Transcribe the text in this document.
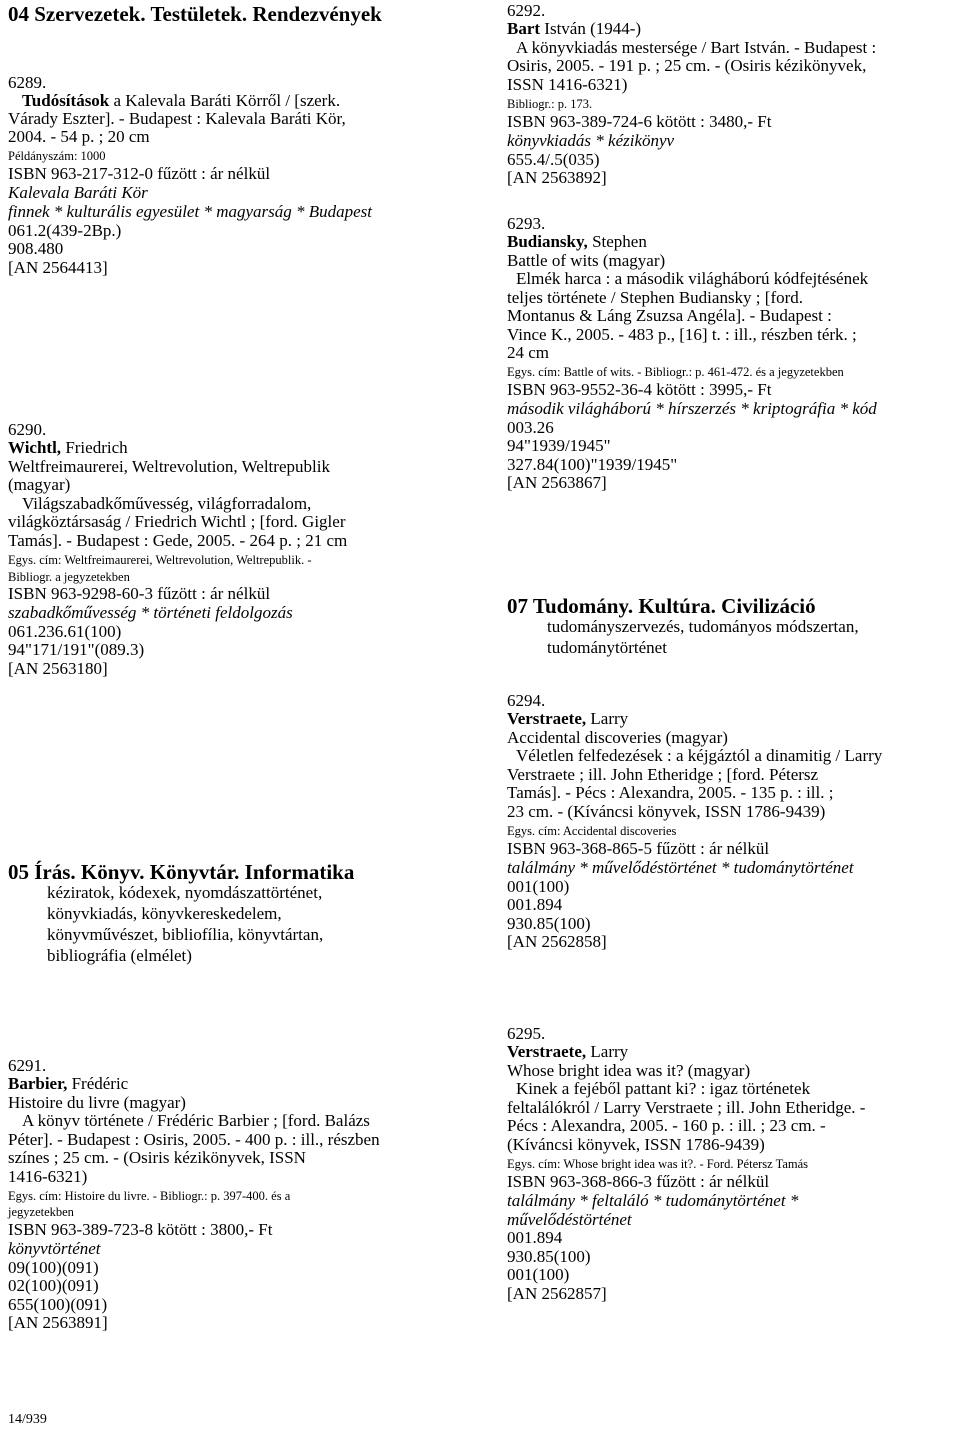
04 Szervezetek. Testületek. Rendezvények
6289.
Tudósítások a Kalevala Baráti Körről / [szerk.
Várady Eszter]. - Budapest : Kalevala Baráti Kör,
2004. - 54 p. ; 20 cm
Példányszám: 1000
ISBN 963-217-312-0 fűzött : ár nélkül
Kalevala Baráti Kör
finnek * kulturális egyesület * magyarság * Budapest
061.2(439-2Bp.)
908.480
[AN 2564413]
6290.
Wichtl, Friedrich
Weltfreimaurerei, Weltrevolution, Weltrepublik
(magyar)
Világszabadkőművesség, világforradalom,
világköztársaság / Friedrich Wichtl ; [ford. Gigler
Tamás]. - Budapest : Gede, 2005. - 264 p. ; 21 cm
Egys. cím: Weltfreimaurerei, Weltrevolution, Weltrepublik. -
Bibliogr. a jegyzetekben
ISBN 963-9298-60-3 fűzött : ár nélkül
szabadkőművesség * történeti feldolgozás
061.236.61(100)
94"171/191"(089.3)
[AN 2563180]
05 Írás. Könyv. Könyvtár. Informatika
kéziratok, kódexek, nyomdászattörténet,
könyvkiadás, könyvkereskedelem,
könyvművészet, bibliofília, könyvtártan,
bibliográfia (elmélet)
6291.
Barbier, Frédéric
Histoire du livre (magyar)
A könyv története / Frédéric Barbier ; [ford. Balázs
Péter]. - Budapest : Osiris, 2005. - 400 p. : ill., részben
színes ; 25 cm. - (Osiris kézikönyvek, ISSN
1416-6321)
Egys. cím: Histoire du livre. - Bibliogr.: p. 397-400. és a
jegyzetekben
ISBN 963-389-723-8 kötött : 3800,- Ft
könyvtörténet
09(100)(091)
02(100)(091)
655(100)(091)
[AN 2563891]
14/939
6292.
Bart István (1944-)
A könyvkiadás mestersége / Bart István. - Budapest :
Osiris, 2005. - 191 p. ; 25 cm. - (Osiris kézikönyvek,
ISSN 1416-6321)
Bibliogr.: p. 173.
ISBN 963-389-724-6 kötött : 3480,- Ft
könyvkiadás * kézikönyv
655.4/.5(035)
[AN 2563892]
6293.
Budiansky, Stephen
Battle of wits (magyar)
Elmék harca : a második világháború kódfejtésének
teljes története / Stephen Budiansky ; [ford.
Montanus & Láng Zsuzsa Angéla]. - Budapest :
Vince K., 2005. - 483 p., [16] t. : ill., részben térk. ;
24 cm
Egys. cím: Battle of wits. - Bibliogr.: p. 461-472. és a jegyzetekben
ISBN 963-9552-36-4 kötött : 3995,- Ft
második világháború * hírszerzés * kriptográfia * kód
003.26
94"1939/1945"
327.84(100)"1939/1945"
[AN 2563867]
07 Tudomány. Kultúra. Civilizáció
tudományszervezés, tudományos módszertan,
tudománytörténet
6294.
Verstraete, Larry
Accidental discoveries (magyar)
Véletlen felfedezések : a kéjgáztól a dinamitig / Larry
Verstraete ; ill. John Etheridge ; [ford. Pétersz
Tamás]. - Pécs : Alexandra, 2005. - 135 p. : ill. ;
23 cm. - (Kíváncsi könyvek, ISSN 1786-9439)
Egys. cím: Accidental discoveries
ISBN 963-368-865-5 fűzött : ár nélkül
találmány * művelődéstörténet * tudománytörténet
001(100)
001.894
930.85(100)
[AN 2562858]
6295.
Verstraete, Larry
Whose bright idea was it? (magyar)
Kinek a fejéből pattant ki? : igaz történetek
feltalálókról / Larry Verstraete ; ill. John Etheridge. -
Pécs : Alexandra, 2005. - 160 p. : ill. ; 23 cm. -
(Kíváncsi könyvek, ISSN 1786-9439)
Egys. cím: Whose bright idea was it?. - Ford. Pétersz Tamás
ISBN 963-368-866-3 fűzött : ár nélkül
találmány * feltaláló * tudománytörténet *
művelődéstörténet
001.894
930.85(100)
001(100)
[AN 2562857]
